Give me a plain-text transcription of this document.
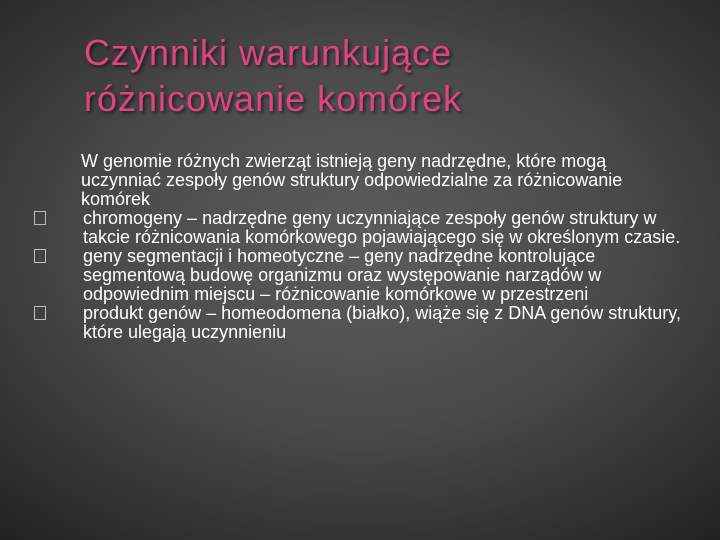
Czynniki warunkujące
różnicowanie komórek

W genomie różnych zwierząt istnieją geny nadrzędne, które mogą uczynniać zespoły genów struktury odpowiedzialne za różnicowanie komórek

chromogeny – nadrzędne geny uczynniające zespoły genów struktury w takcie różnicowania komórkowego pojawiającego się w określonym czasie.

geny segmentacji i homeotyczne – geny nadrzędne kontrolujące segmentową budowę organizmu oraz występowanie narządów w odpowiednim miejscu – różnicowanie komórkowe w przestrzeni

produkt genów – homeodomena (białko), wiąże się z DNA genów struktury, które ulegają uczynnieniu
